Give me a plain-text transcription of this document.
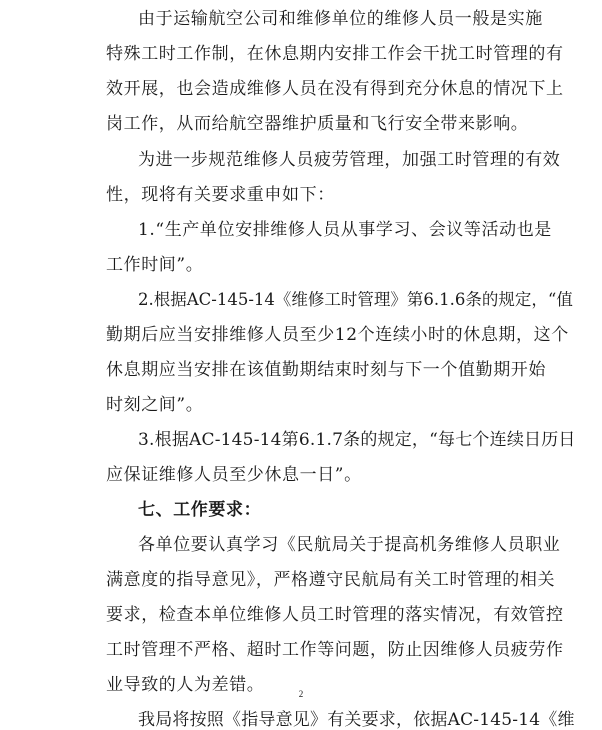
由于运输航空公司和维修单位的维修人员一般是实施

特殊工时工作制，在休息期内安排工作会干扰工时管理的有

效开展，也会造成维修人员在没有得到充分休息的情况下上

岗工作，从而给航空器维护质量和飞行安全带来影响。

为进一步规范维修人员疲劳管理，加强工时管理的有效

性，现将有关要求重申如下：

1.“生产单位安排维修人员从事学习、会议等活动也是

工作时间”。

2.根据AC-145-14《维修工时管理》第6.1.6条的规定，“值

勤期后应当安排维修人员至少12个连续小时的休息期，这个

休息期应当安排在该值勤期结束时刻与下一个值勤期开始

时刻之间”。

3.根据AC-145-14第6.1.7条的规定，“每七个连续日历日

应保证维修人员至少休息一日”。

七、工作要求：

各单位要认真学习《民航局关于提高机务维修人员职业

满意度的指导意见》，严格遵守民航局有关工时管理的相关

要求，检查本单位维修人员工时管理的落实情况，有效管控

工时管理不严格、超时工作等问题，防止因维修人员疲劳作

业导致的人为差错。

我局将按照《指导意见》有关要求，依据AC-145-14《维

2
